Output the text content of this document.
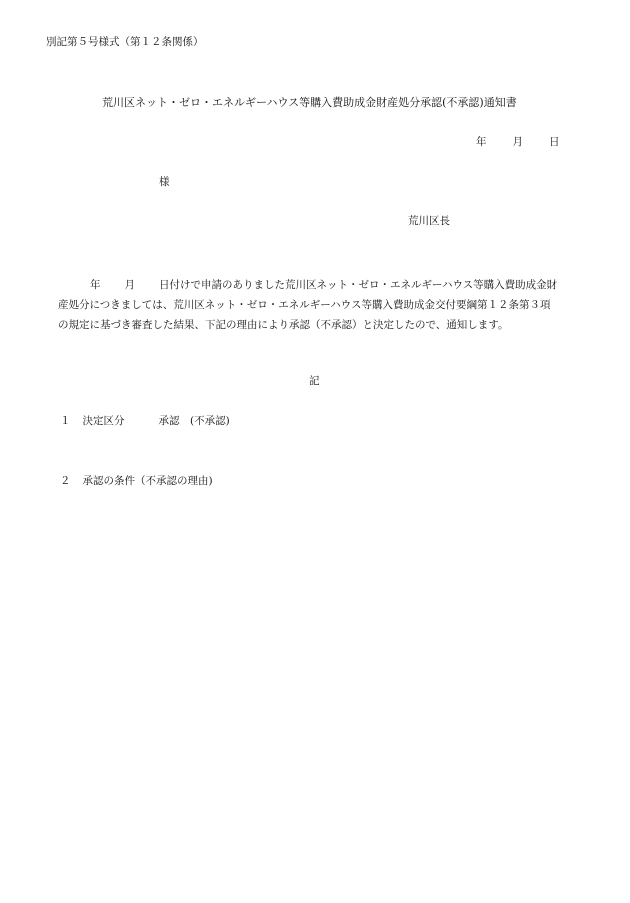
別記第５号様式（第１２条関係）
荒川区ネット・ゼロ・エネルギーハウス等購入費助成金財産処分承認(不承認)通知書
年 月 日
様
荒川区長

年 月 日付けで申請のありました荒川区ネット・ゼロ・エネルギーハウス等購入費助成金財

産処分につきましては、荒川区ネット・ゼロ・エネルギーハウス等購入費助成金交付要綱第１２条第３項

の規定に基づき審査した結果、下記の理由により承認（不承認）と決定したので、通知します。

記
１ 決定区分	承認　(不承認)
２ 承認の条件（不承認の理由)
